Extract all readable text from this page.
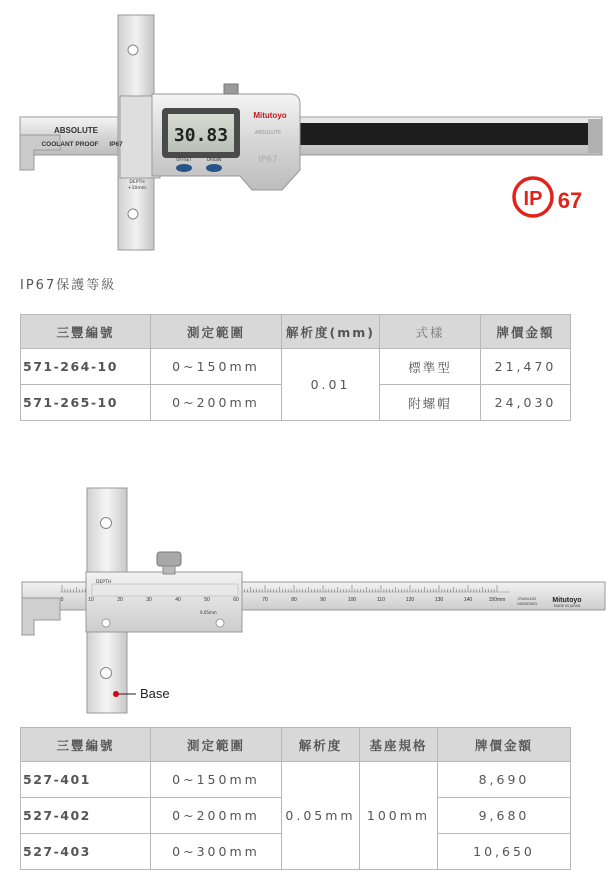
30.83
OFFSET	ORIGIN
Mitutoyo
ABSOLUTE
IP67
ABSOLUTE
COOLANT PROOF IP67
DEPTH
+10mm	IP 67
IP67保護等級
三豐編號	測定範圍	解析度(mm)	式樣	牌價金額
571-264-10	0~150mm	0.01	標準型	21,470
571-265-10	0~200mm		附螺帽	24,030
0	10	20	30	40	50	60	70	80	90	100	110	120	130	140	150mm
DEPTH
0.05mm
Mitutoyo
STAINLESS
HARDENED	MADE IN JAPAN
Base
三豐編號	測定範圍	解析度	基座規格	牌價金額
527-401	0~150mm	0.05mm	100mm	8,690
527-402	0~200mm			9,680
527-403	0~300mm			10,650
